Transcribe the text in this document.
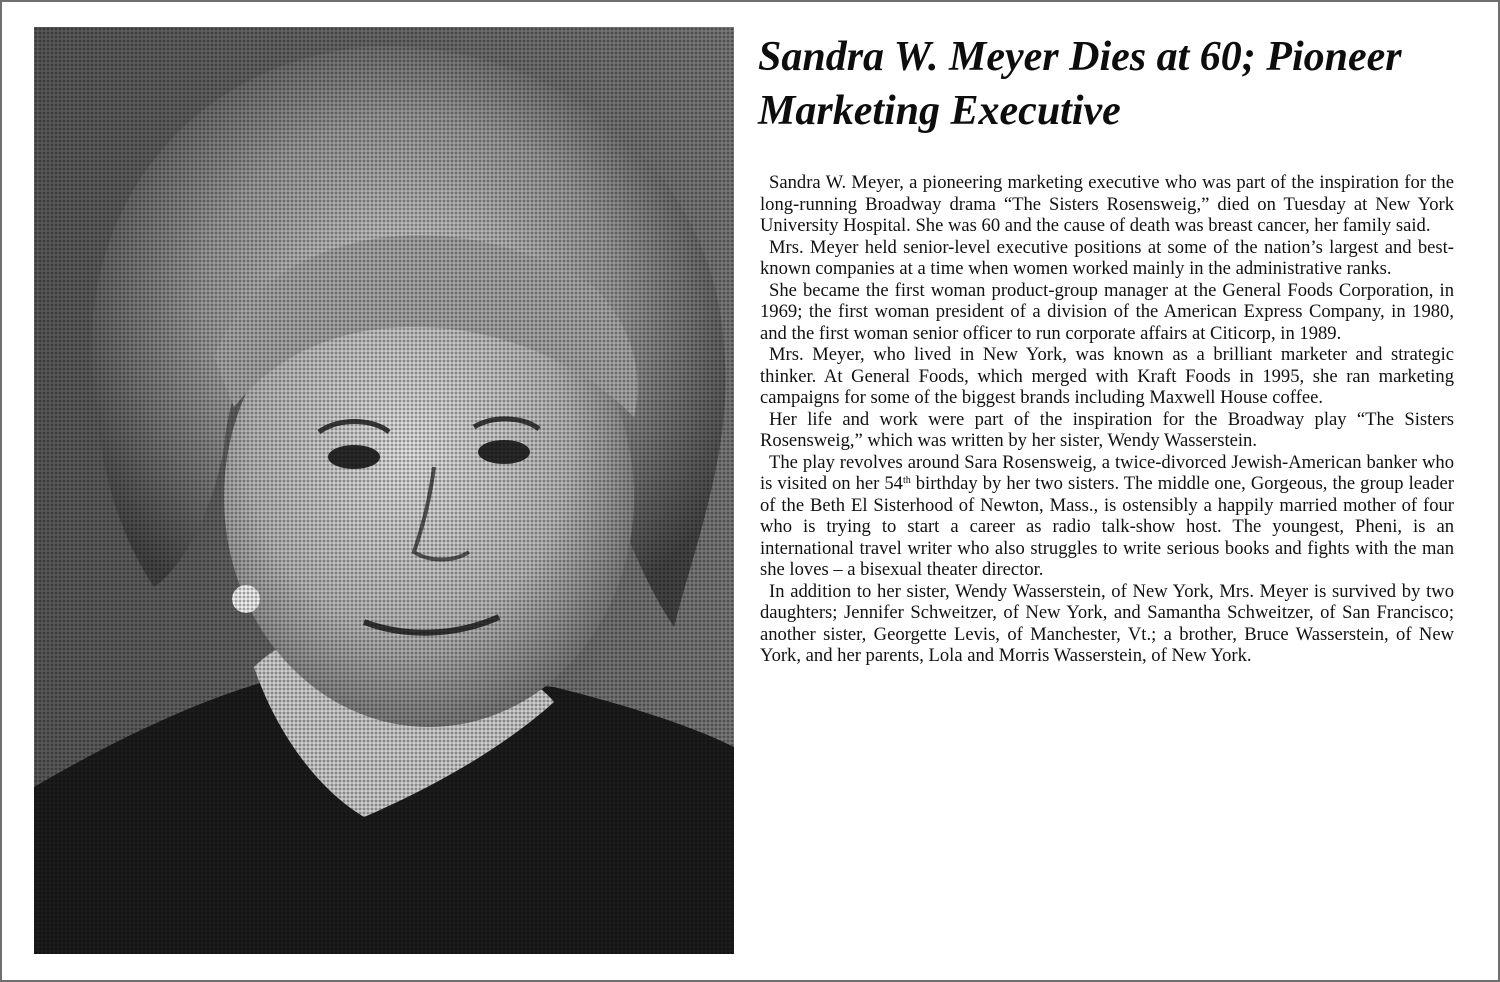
Sandra W. Meyer Dies at 60; Pioneer Marketing Executive

Sandra W. Meyer, a pioneering marketing executive who was part of the inspiration for the long-running Broadway drama “The Sisters Rosensweig,” died on Tuesday at New York University Hospital. She was 60 and the cause of death was breast cancer, her family said.

Mrs. Meyer held senior-level executive positions at some of the nation’s largest and best- known companies at a time when women worked mainly in the administrative ranks.

She became the first woman product-group manager at the General Foods Corporation, in 1969; the first woman president of a division of the American Express Company, in 1980, and the first woman senior officer to run corporate affairs at Citicorp, in 1989.

Mrs. Meyer, who lived in New York, was known as a brilliant marketer and strategic thinker. At General Foods, which merged with Kraft Foods in 1995, she ran marketing campaigns for some of the biggest brands including Maxwell House coffee.

Her life and work were part of the inspiration for the Broadway play “The Sisters Rosensweig,” which was written by her sister, Wendy Wasserstein.

The play revolves around Sara Rosensweig, a twice-divorced Jewish-American banker who is visited on her 54th birthday by her two sisters. The middle one, Gorgeous, the group leader of the Beth El Sisterhood of Newton, Mass., is ostensibly a happily married mother of four who is trying to start a career as radio talk-show host. The youngest, Pheni, is an international travel writer who also struggles to write serious books and fights with the man she loves – a bisexual theater director.

In addition to her sister, Wendy Wasserstein, of New York, Mrs. Meyer is survived by two daughters; Jennifer Schweitzer, of New York, and Samantha Schweitzer, of San Francisco; another sister, Georgette Levis, of Manchester, Vt.; a brother, Bruce Wasserstein, of New York, and her parents, Lola and Morris Wasserstein, of New York.
